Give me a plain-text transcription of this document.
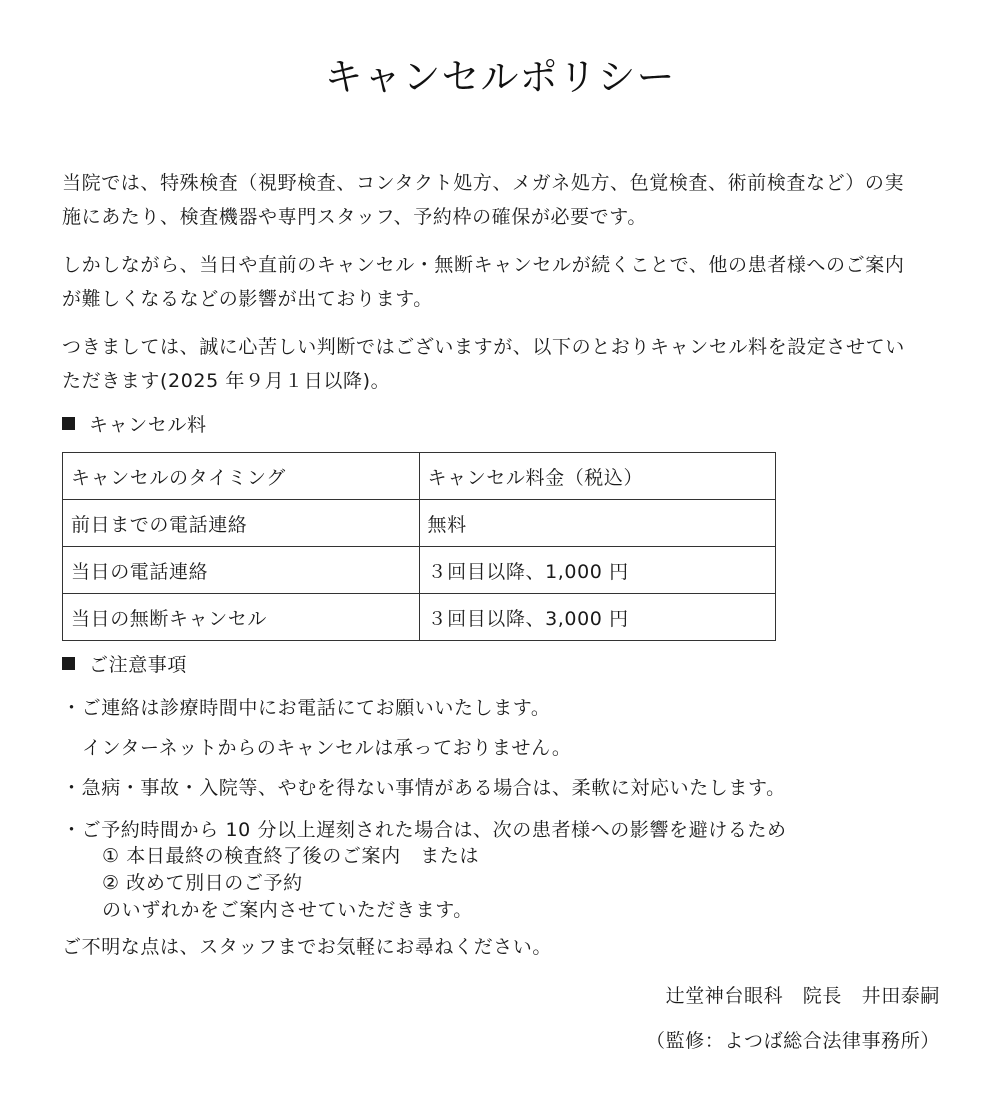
キャンセルポリシー

当院では、特殊検査（視野検査、コンタクト処方、メガネ処方、色覚検査、術前検査など）の実
施にあたり、検査機器や専門スタッフ、予約枠の確保が必要です。

しかしながら、当日や直前のキャンセル・無断キャンセルが続くことで、他の患者様へのご案内
が難しくなるなどの影響が出ております。

つきましては、誠に心苦しい判断ではございますが、以下のとおりキャンセル料を設定させてい
ただきます(2025 年９月１日以降)。

キャンセル料
キャンセルのタイミング	キャンセル料金（税込）
前日までの電話連絡	無料
当日の電話連絡	３回目以降、1,000 円
当日の無断キャンセル	３回目以降、3,000 円
ご注意事項
・ご連絡は診療時間中にお電話にてお願いいたします。
インターネットからのキャンセルは承っておりません。
・急病・事故・入院等、やむを得ない事情がある場合は、柔軟に対応いたします。
・ご予約時間から 10 分以上遅刻された場合は、次の患者様への影響を避けるため
① 本日最終の検査終了後のご案内　または
② 改めて別日のご予約
のいずれかをご案内させていただきます。
ご不明な点は、スタッフまでお気軽にお尋ねください。
辻堂神台眼科　院長　井田泰嗣
（監修：よつば総合法律事務所）
